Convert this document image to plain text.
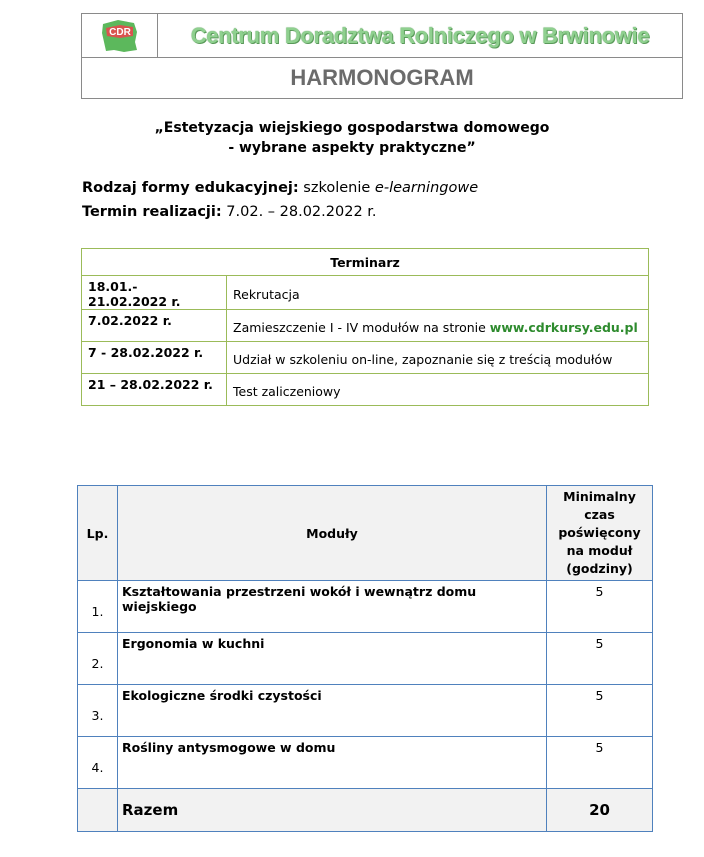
CDR	Centrum Doradztwa Rolniczego w Brwinowie
HARMONOGRAM
„Estetyzacja wiejskiego gospodarstwa domowego
- wybrane aspekty praktyczne”
Rodzaj formy edukacyjnej: szkolenie e-learningowe
Termin realizacji: 7.02. – 28.02.2022 r.
Terminarz	
18.01.- 21.02.2022 r.	Rekrutacja
7.02.2022 r.	Zamieszczenie I - IV modułów na stronie www.cdrkursy.edu.pl
7 - 28.02.2022 r.	Udział w szkoleniu on-line, zapoznanie się z treścią modułów
21 – 28.02.2022 r.	Test zaliczeniowy
Lp.	Moduły	Minimalny czas poświęcony na moduł (godziny)
1.	Kształtowania przestrzeni wokół i wewnątrz domu wiejskiego	5
2.	Ergonomia w kuchni	5
3.	Ekologiczne środki czystości	5
4.	Rośliny antysmogowe w domu	5
	Razem	20
